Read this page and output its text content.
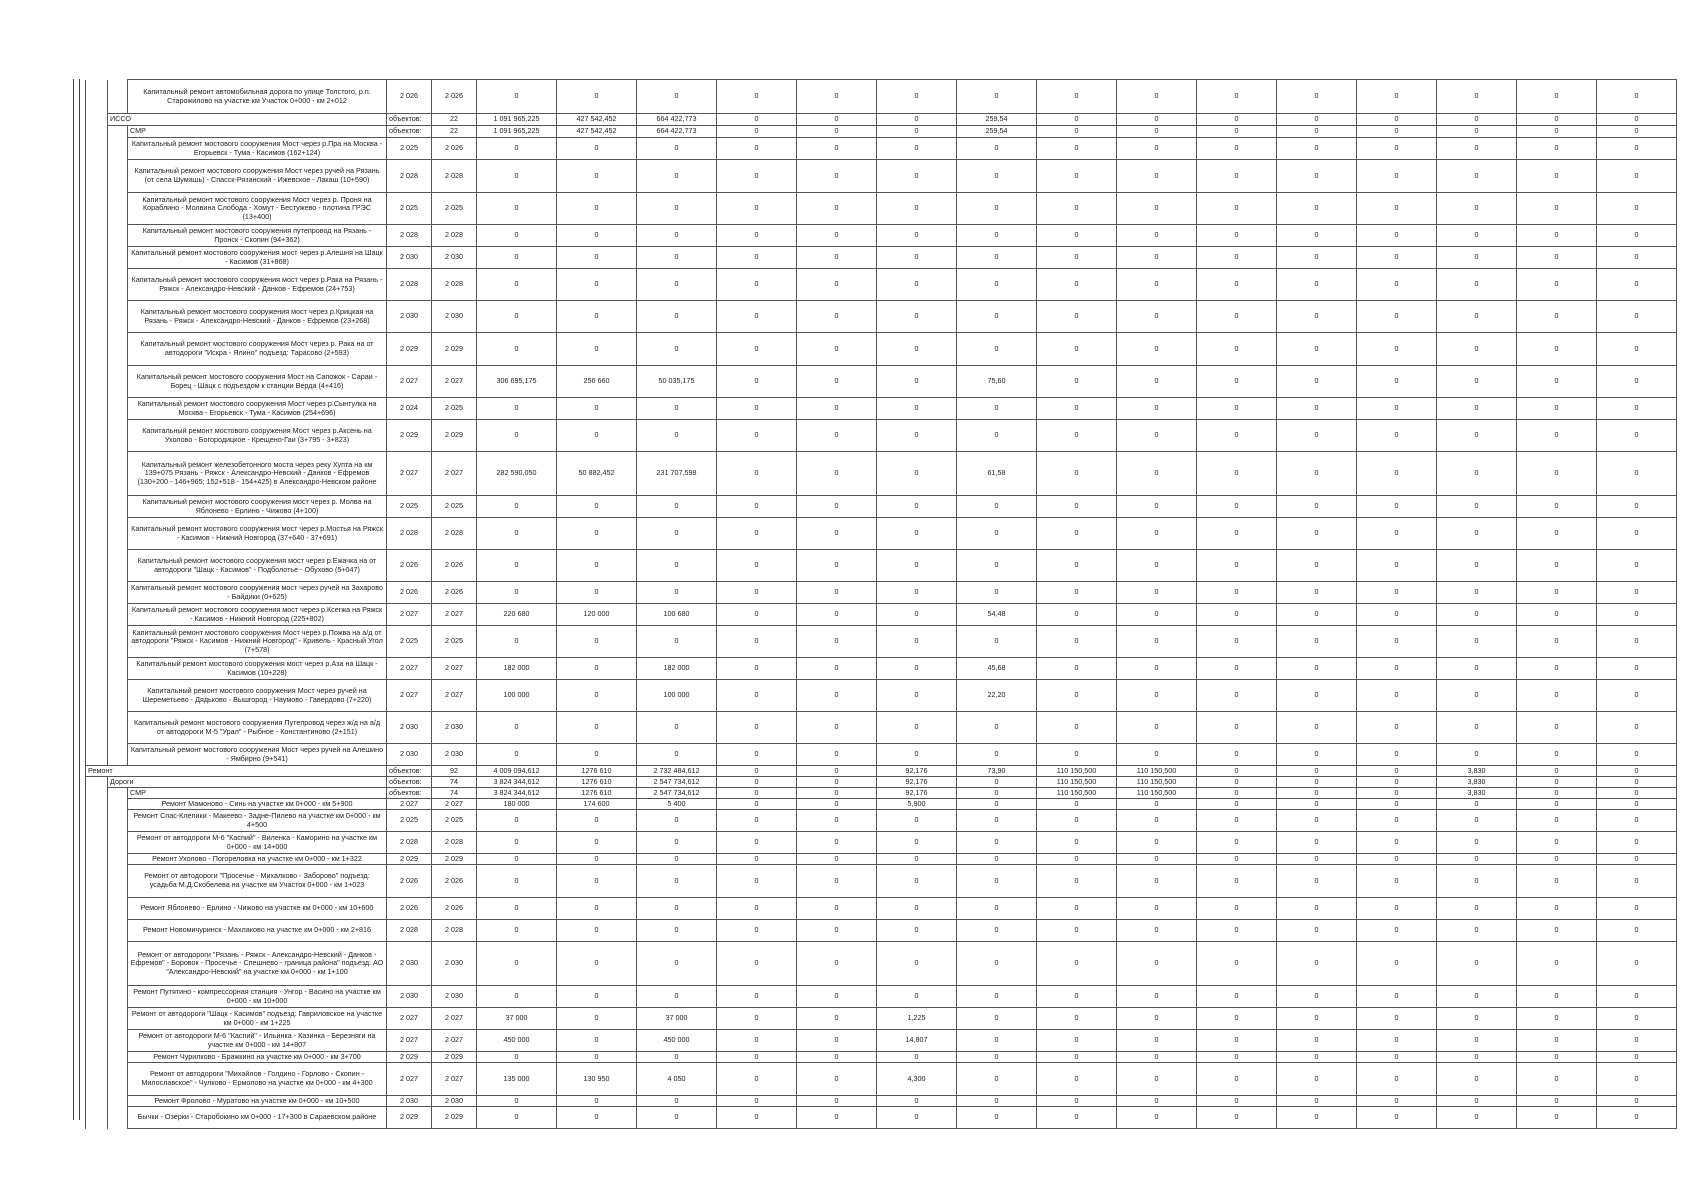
		Капитальный ремонт автомобильная дорога по улице Толстого, р.п. Старожилово на участке км Участок 0+000 - км 2+012	2 026	2 026	0	0	0	0	0	0	0	0	0	0	0	0	0	0	0
	ИССО		объектов:	22	1 091 965,225	427 542,452	664 422,773	0	0	0	259,54	0	0	0	0	0	0	0	0
		СМР	объектов:	22	1 091 965,225	427 542,452	664 422,773	0	0	0	259,54	0	0	0	0	0	0	0	0
		Капитальный ремонт мостового сооружения Мост через р.Пра на Москва - Егорьевск - Тума - Касимов (162+124)	2 025	2 026	0	0	0	0	0	0	0	0	0	0	0	0	0	0	0
		Капитальный ремонт мостового сооружения Мост через ручей на Рязань (от села Шумашь) - Спасск-Рязанский - Ижевское - Лакаш (10+590)	2 028	2 028	0	0	0	0	0	0	0	0	0	0	0	0	0	0	0
		Капитальный ремонт мостового сооружения Мост через р. Проня на Кораблино - Молвина Слобода - Хомут - Бестужево - плотина ГРЭС (13+400)	2 025	2 025	0	0	0	0	0	0	0	0	0	0	0	0	0	0	0
		Капитальный ремонт мостового сооружения путепровод на Рязань - Пронск - Скопин (94+362)	2 028	2 028	0	0	0	0	0	0	0	0	0	0	0	0	0	0	0
		Капитальный ремонт мостового сооружения мост через р.Алешня на Шацк - Касимов (31+868)	2 030	2 030	0	0	0	0	0	0	0	0	0	0	0	0	0	0	0
		Капитальный ремонт мостового сооружения мост через р.Рака на Рязань - Ряжск - Александро-Невский - Данков - Ефремов (24+753)	2 028	2 028	0	0	0	0	0	0	0	0	0	0	0	0	0	0	0
		Капитальный ремонт мостового сооружения мост через р.Крицкая на Рязань - Ряжск - Александро-Невский - Данков - Ефремов (23+268)	2 030	2 030	0	0	0	0	0	0	0	0	0	0	0	0	0	0	0
		Капитальный ремонт мостового сооружения Мост через р. Рака на от автодороги "Искра - Ялино" подъезд: Тарасово (2+593)	2 029	2 029	0	0	0	0	0	0	0	0	0	0	0	0	0	0	0
		Капитальный ремонт мостового сооружения Мост на Сапожок - Сараи - Борец - Шацк с подъездом к станции Верда (4+416)	2 027	2 027	306 695,175	256 660	50 035,175	0	0	0	75,60	0	0	0	0	0	0	0	0
		Капитальный ремонт мостового сооружения Мост через р.Сынтулка на Москва - Егорьевск - Тума - Касимов (254+696)	2 024	2 025	0	0	0	0	0	0	0	0	0	0	0	0	0	0	0
		Капитальный ремонт мостового сооружения Мост через р.Аксень на Ухолово - Богородицкое - Крещено-Гаи (3+795 - 3+823)	2 029	2 029	0	0	0	0	0	0	0	0	0	0	0	0	0	0	0
		Капитальный ремонт железобетонного моста через реку Хупта на км 139+075 Рязань - Ряжск - Александро-Невский - Данков - Ефремов (130+200 - 146+965; 152+518 - 154+425) в Александро-Невском районе	2 027	2 027	282 590,050	50 882,452	231 707,598	0	0	0	61,58	0	0	0	0	0	0	0	0
		Капитальный ремонт мостового сооружения мост через р. Молва на Яблонево - Ерлино - Чижово (4+100)	2 025	2 025	0	0	0	0	0	0	0	0	0	0	0	0	0	0	0
		Капитальный ремонт мостового сооружения мост через р.Мостья на Ряжск - Касимов - Нижний Новгород (37+640 - 37+691)	2 028	2 028	0	0	0	0	0	0	0	0	0	0	0	0	0	0	0
		Капитальный ремонт мостового сооружения мост через р.Ежачка на от автодороги "Шацк - Касимов" - Подболотье - Обухово (5+047)	2 026	2 026	0	0	0	0	0	0	0	0	0	0	0	0	0	0	0
		Капитальный ремонт мостового сооружения мост через ручей на Захарово - Байдики (0+625)	2 026	2 026	0	0	0	0	0	0	0	0	0	0	0	0	0	0	0
		Капитальный ремонт мостового сооружения мост через р.Ксегжа на Ряжск - Касимов - Нижний Новгород (225+802)	2 027	2 027	220 680	120 000	100 680	0	0	0	54,48	0	0	0	0	0	0	0	0
		Капитальный ремонт мостового сооружения Мост через р.Пожва на а/д от автодороги "Ряжск - Касимов - Нижний Новгород" - Кривель - Красный Угол (7+578)	2 025	2 025	0	0	0	0	0	0	0	0	0	0	0	0	0	0	0
		Капитальный ремонт мостового сооружения мост через р.Аза на Шацк - Касимов (10+228)	2 027	2 027	182 000	0	182 000	0	0	0	45,68	0	0	0	0	0	0	0	0
		Капитальный ремонт мостового сооружения Мост через ручей на Шереметьево - Дядьково - Вышгород - Наумово - Гавердово (7+220)	2 027	2 027	100 000	0	100 000	0	0	0	22,20	0	0	0	0	0	0	0	0
		Капитальный ремонт мостового сооружения Путепровод через ж/д на а/д от автодороги М-5 "Урал" - Рыбное - Константиново (2+151)	2 030	2 030	0	0	0	0	0	0	0	0	0	0	0	0	0	0	0
		Капитальный ремонт мостового сооружения Мост через ручей на Алешино - Ямбирно (9+541)	2 030	2 030	0	0	0	0	0	0	0	0	0	0	0	0	0	0	0
Ремонт			объектов:	92	4 009 094,612	1276 610	2 732 484,612	0	0	92,176	73,90	110 150,500	110 150,500	0	0	0	3,830	0	0
	Дороги		объектов:	74	3 824 344,612	1276 610	2 547 734,612	0	0	92,176	0	110 150,500	110 150,500	0	0	0	3,830	0	0
		СМР	объектов:	74	3 824 344,612	1276 610	2 547 734,612	0	0	92,176	0	110 150,500	110 150,500	0	0	0	3,830	0	0
		Ремонт Мамоново - Синь на участке км 0+000 - км 5+900	2 027	2 027	180 000	174 600	5 400	0	0	5,900	0	0	0	0	0	0	0	0	0
		Ремонт Спас-Клепики - Макеево - Задне-Пилево на участке км 0+000 - км 4+500	2 025	2 025	0	0	0	0	0	0	0	0	0	0	0	0	0	0	0
		Ремонт от автодороги М-6 "Каспий" - Виленка - Каморино на участке км 0+000 - км 14+000	2 028	2 028	0	0	0	0	0	0	0	0	0	0	0	0	0	0	0
		Ремонт Ухолово - Погореловка на участке км 0+000 - км 1+322	2 029	2 029	0	0	0	0	0	0	0	0	0	0	0	0	0	0	0
		Ремонт от автодороги "Просечье - Михалково - Заборово" подъезд: усадьба М.Д.Скобелева на участке км Участок 0+000 - км 1+023	2 026	2 026	0	0	0	0	0	0	0	0	0	0	0	0	0	0	0
		Ремонт Яблонево - Ерлино - Чижово на участке км 0+000 - км 10+600	2 026	2 026	0	0	0	0	0	0	0	0	0	0	0	0	0	0	0
		Ремонт Новомичуринск - Махлаково на участке км 0+000 - км 2+816	2 028	2 028	0	0	0	0	0	0	0	0	0	0	0	0	0	0	0
		Ремонт от автодороги "Рязань - Ряжск - Александро-Невский - Данков - Ефремов" - Боровок - Просечье - Спешнево - граница района" подъезд: АО "Александро-Невский" на участке км 0+000 - км 1+100	2 030	2 030	0	0	0	0	0	0	0	0	0	0	0	0	0	0	0
		Ремонт Путятино - компрессорная станция - Унгор - Васино на участке км 0+000 - км 10+000	2 030	2 030	0	0	0	0	0	0	0	0	0	0	0	0	0	0	0
		Ремонт от автодороги "Шацк - Касимов" подъезд: Гавриловское на участке км 0+000 - км 1+225	2 027	2 027	37 000	0	37 000	0	0	1,225	0	0	0	0	0	0	0	0	0
		Ремонт от автодороги М-6 "Каспий" - Ильинка - Казинка - Березняги на участке км 0+000 - км 14+807	2 027	2 027	450 000	0	450 000	0	0	14,807	0	0	0	0	0	0	0	0	0
		Ремонт Чурилково - Бражкино на участке км 0+000 - км 3+700	2 029	2 029	0	0	0	0	0	0	0	0	0	0	0	0	0	0	0
		Ремонт от автодороги "Михайлов - Голдино - Горлово - Скопин - Милославское" - Чулково - Ермолово на участке км 0+000 - км 4+300	2 027	2 027	135 000	130 950	4 050	0	0	4,300	0	0	0	0	0	0	0	0	0
		Ремонт Фролово - Муратово на участке км 0+000 - км 10+500	2 030	2 030	0	0	0	0	0	0	0	0	0	0	0	0	0	0	0
		Бычки - Озерки - Старобокино км 0+000 - 17+300 в Сараевском районе	2 029	2 029	0	0	0	0	0	0	0	0	0	0	0	0	0	0	0
